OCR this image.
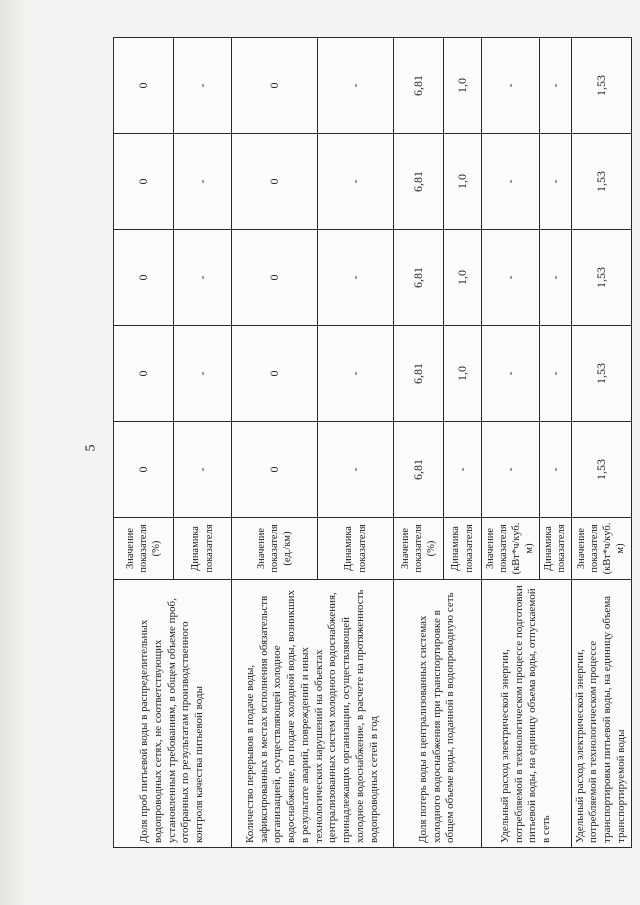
5
Доля проб питьевой воды в распределительных водопроводных сетях, не соответствующих установленным требованиям, в общем объеме проб, отобранных по результатам производственного контроля качества питьевой воды	Значение показателя (%)	0	0	0	0	0
	Динамика показателя	-	-	-	-	-
Количество перерывов в подаче воды, зафиксированных в местах исполнения обязательств организацией, осуществляющей холодное водоснабжение, по подаче холодной воды, возникших в результате аварий, повреждений и иных технологических нарушений на объектах централизованных систем холодного водоснабжения, принадлежащих организации, осуществляющей холодное водоснабжение, в расчете на протяженность водопроводных сетей в год	Значение показателя (ед./км)	0	0	0	0	0
	Динамика показателя	-	-	-	-	-
Доля потерь воды в централизованных системах холодного водоснабжения при транспортировке в общем объеме воды, поданной в водопроводную сеть	Значение показателя (%)	6,81	6,81	6,81	6,81	6,81
	Динамика показателя	-	1,0	1,0	1,0	1,0
Удельный расход электрической энергии, потребляемой в технологическом процессе подготовки питьевой воды, на единицу объема воды, отпускаемой в сеть	Значение показателя (кВт*ч/куб. м)	-	-	-	-	-
	Динамика показателя	-	-	-	-	-
Удельный расход электрической энергии, потребляемой в технологическом процессе транспортировки питьевой воды, на единицу объема транспортируемой воды	Значение показателя (кВт*ч/куб. м)	1,53	1,53	1,53	1,53	1,53
